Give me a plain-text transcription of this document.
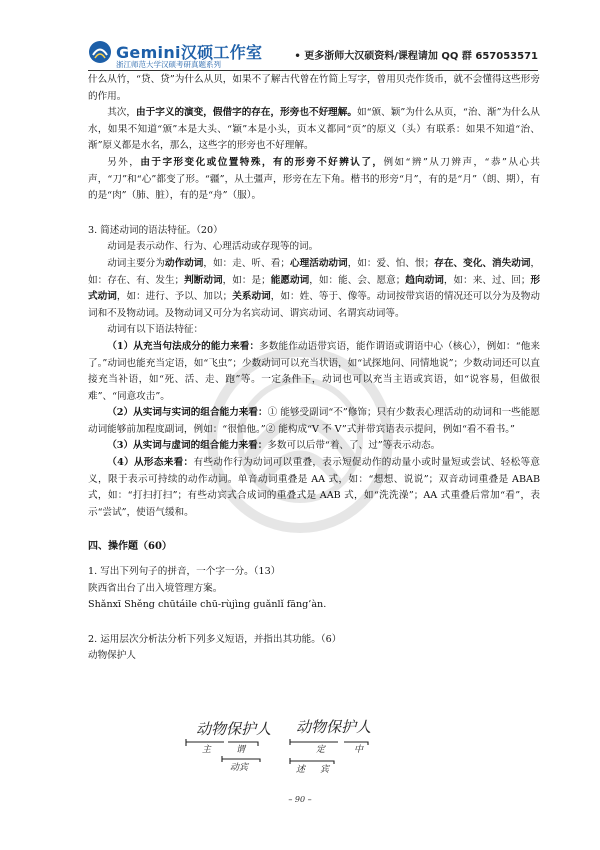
Gemini汉硕工作室
浙江师范大学汉硕考研真题系列
• 更多浙师大汉硕资料/课程请加 QQ 群 657053571

什么从竹，“贷、贷”为什么从贝，如果不了解古代曾在竹简上写字，曾用贝壳作货币，就不会懂得这些形旁的作用。

其次，由于字义的演变，假借字的存在，形旁也不好理解。如“颁、颖”为什么从页，“治、渐”为什么从水，如果不知道“颁”本是大头、“颖”本是小头，页本义都同“页”的原义（头）有联系：如果不知道“治、渐”原义都是水名，那么，这些字的形旁也不好理解。

另外，由于字形变化或位置特殊，有的形旁不好辨认了，例如“辨”从刀辨声，“恭”从心共声，“刀”和“心”都变了形。“疆”，从土彊声，形旁在左下角。楷书的形旁“月”，有的是“月”（朗、期），有的是“肉”（肺、脏），有的是“舟”（服）。

3. 简述动词的语法特征。（20）

动词是表示动作、行为、心理活动或存现等的词。

动词主要分为动作动词，如：走、听、看；心理活动动词，如：爱、怕、恨；存在、变化、消失动词，如：存在、有、发生；判断动词，如：是；能愿动词，如：能、会、愿意；趋向动词，如：来、过、回；形式动词，如：进行、予以、加以；关系动词，如：姓、等于、像等。动词按带宾语的情况还可以分为及物动词和不及物动词。及物动词又可分为名宾动词、谓宾动词、名谓宾动词等。

动词有以下语法特征：

（1）从充当句法成分的能力来看：多数能作动语带宾语，能作谓语或谓语中心（核心），例如：“他来了。”动词也能充当定语，如“飞虫”；少数动词可以充当状语，如“试探地问、同情地说”；少数动词还可以直接充当补语，如“死、活、走、跑”等。一定条件下，动词也可以充当主语或宾语，如“说容易，但做很难”、“同意攻击”。

（2）从实词与实词的组合能力来看：① 能够受副词“不”修饰；只有少数表心理活动的动词和一些能愿动词能够前加程度副词，例如：“很怕他。”② 能构成“V 不 V”式并带宾语表示提问，例如“看不看书。”

（3）从实词与虚词的组合能力来看：多数可以后带“着、了、过”等表示动态。

（4）从形态来看：有些动作行为动词可以重叠，表示短促动作的动量小或时量短或尝试、轻松等意义，限于表示可持续的动作动词。单音动词重叠是 AA 式，如：“想想、说说”；双音动词重叠是 ABAB 式，如：“打扫打扫”；有些动宾式合成词的重叠式是 AAB 式，如“洗洗澡”；AA 式重叠后常加“看”，表示“尝试”，使语气缓和。

四、操作题（60）

1. 写出下列句子的拼音，一个字一分。（13）

陕西省出台了出入境管理方案。

Shǎnxī Shěng chūtáile chū-rùjìng guǎnlǐ fāng’àn.

2. 运用层次分析法分析下列多义短语，并指出其功能。（6）

动物保护人

动物保护人
主	谓
动宾
动物保护人
定	中
述 宾
– 90 –
